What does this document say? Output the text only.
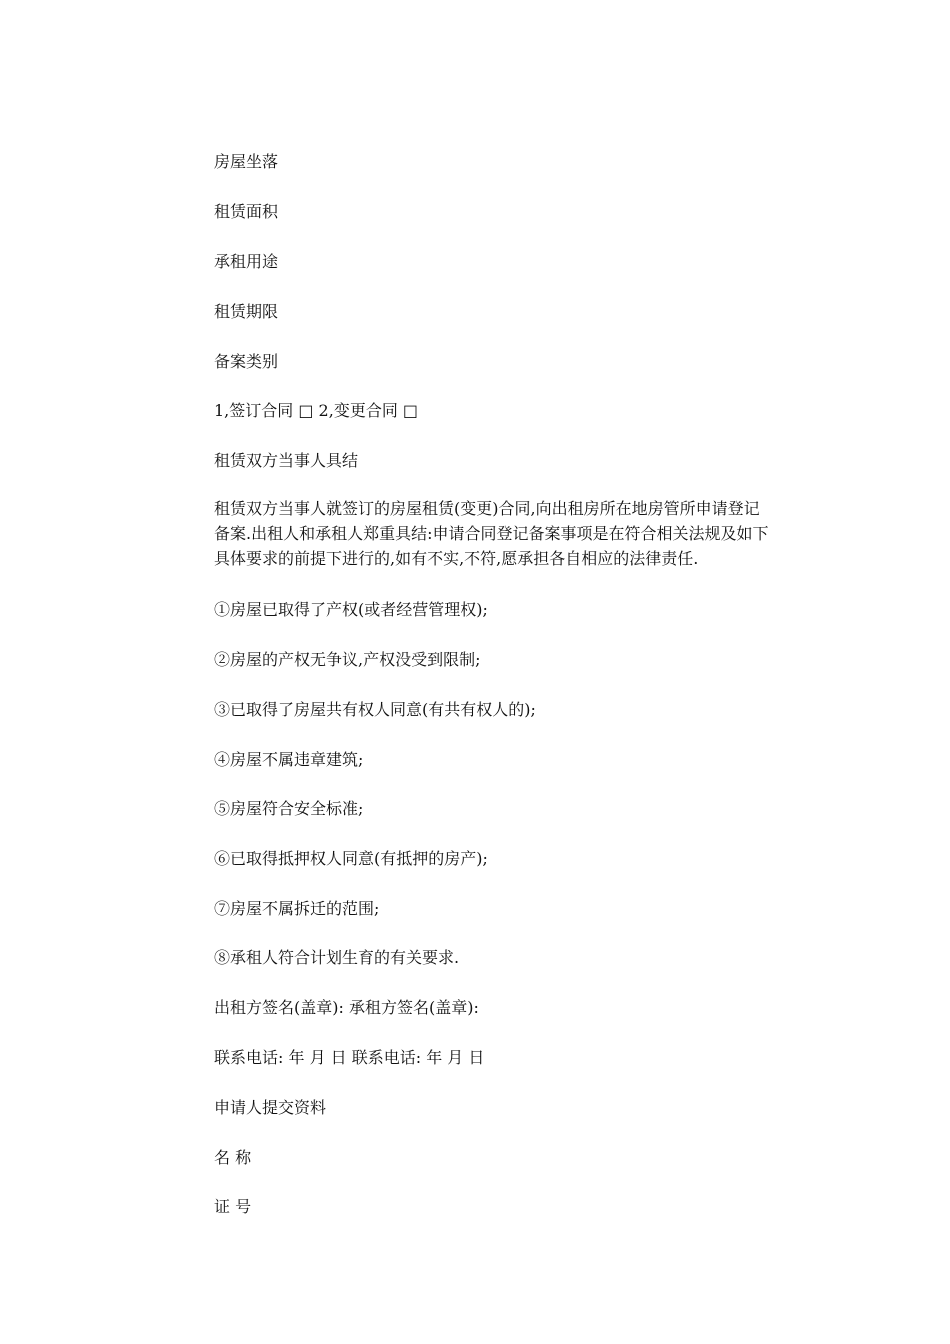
房屋坐落

租赁面积

承租用途

租赁期限

备案类别

1,签订合同 □ 2,变更合同 □

租赁双方当事人具结

租赁双方当事人就签订的房屋租赁(变更)合同,向出租房所在地房管所申请登记备案.出租人和承租人郑重具结:申请合同登记备案事项是在符合相关法规及如下具体要求的前提下进行的,如有不实,不符,愿承担各自相应的法律责任.

①房屋已取得了产权(或者经营管理权);

②房屋的产权无争议,产权没受到限制;

③已取得了房屋共有权人同意(有共有权人的);

④房屋不属违章建筑;

⑤房屋符合安全标准;

⑥已取得抵押权人同意(有抵押的房产);

⑦房屋不属拆迁的范围;

⑧承租人符合计划生育的有关要求.

出租方签名(盖章): 承租方签名(盖章):

联系电话: 年 月 日 联系电话: 年 月 日

申请人提交资料

名 称

证 号
